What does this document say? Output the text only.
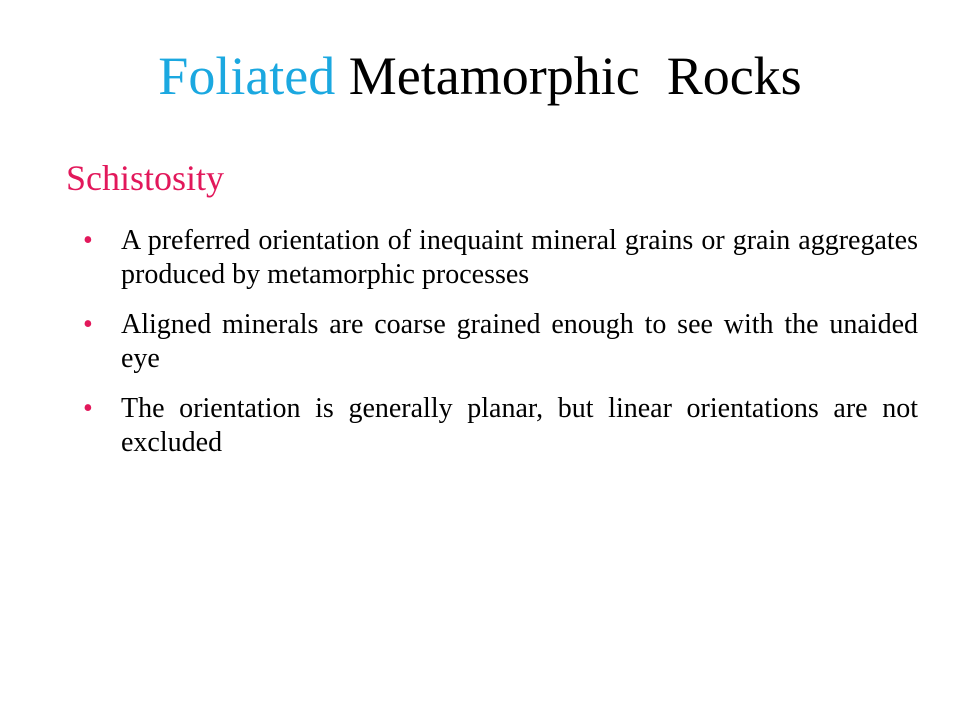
Foliated Metamorphic  Rocks
Schistosity
• A preferred orientation of inequaint mineral grains or grain aggregates produced by metamorphic processes
• Aligned minerals are coarse grained enough to see with the unaided eye
• The orientation is generally planar, but linear orientations are not excluded
